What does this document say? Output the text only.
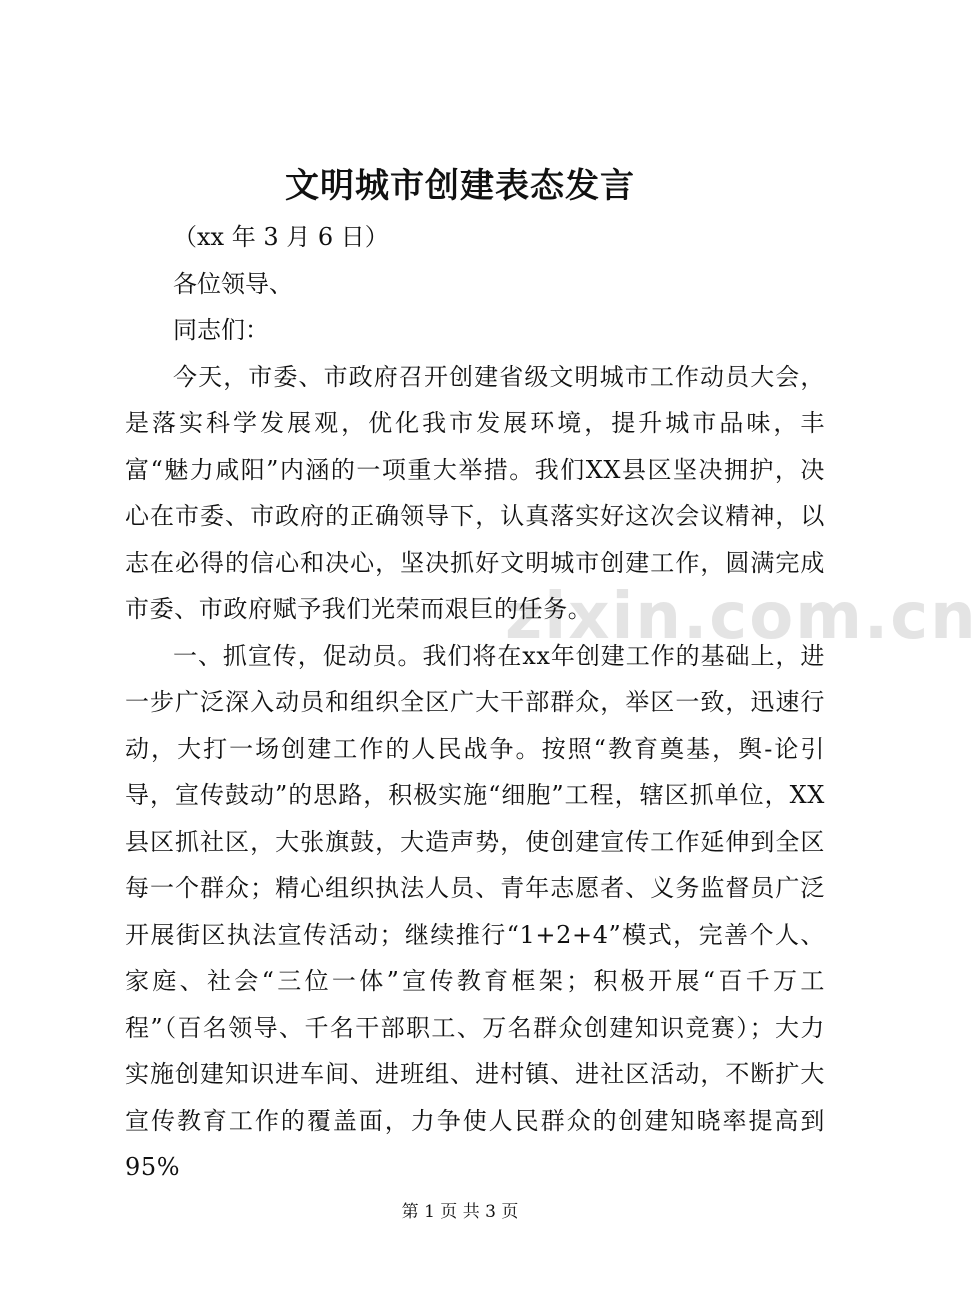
zixin.com.cn
文明城市创建表态发言

（xx 年 3 月 6 日）

各位领导、

同志们：

今天，市委、市政府召开创建省级文明城市工作动员大会，是落实科学发展观，优化我市发展环境，提升城市品味，丰富“魅力咸阳”内涵的一项重大举措。我们XX县区坚决拥护，决心在市委、市政府的正确领导下，认真落实好这次会议精神，以志在必得的信心和决心，坚决抓好文明城市创建工作，圆满完成市委、市政府赋予我们光荣而艰巨的任务。

一、抓宣传，促动员。我们将在xx年创建工作的基础上，进一步广泛深入动员和组织全区广大干部群众，举区一致，迅速行动，大打一场创建工作的人民战争。按照“教育奠基，舆-论引导，宣传鼓动”的思路，积极实施“细胞”工程，辖区抓单位，XX县区抓社区，大张旗鼓，大造声势，使创建宣传工作延伸到全区每一个群众；精心组织执法人员、青年志愿者、义务监督员广泛开展街区执法宣传活动；继续推行“1+2+4”模式，完善个人、家庭、社会“三位一体”宣传教育框架；积极开展“百千万工程”（百名领导、千名干部职工、万名群众创建知识竞赛）；大力实施创建知识进车间、进班组、进村镇、进社区活动，不断扩大宣传教育工作的覆盖面，力争使人民群众的创建知晓率提高到95%

第 1 页 共 3 页
